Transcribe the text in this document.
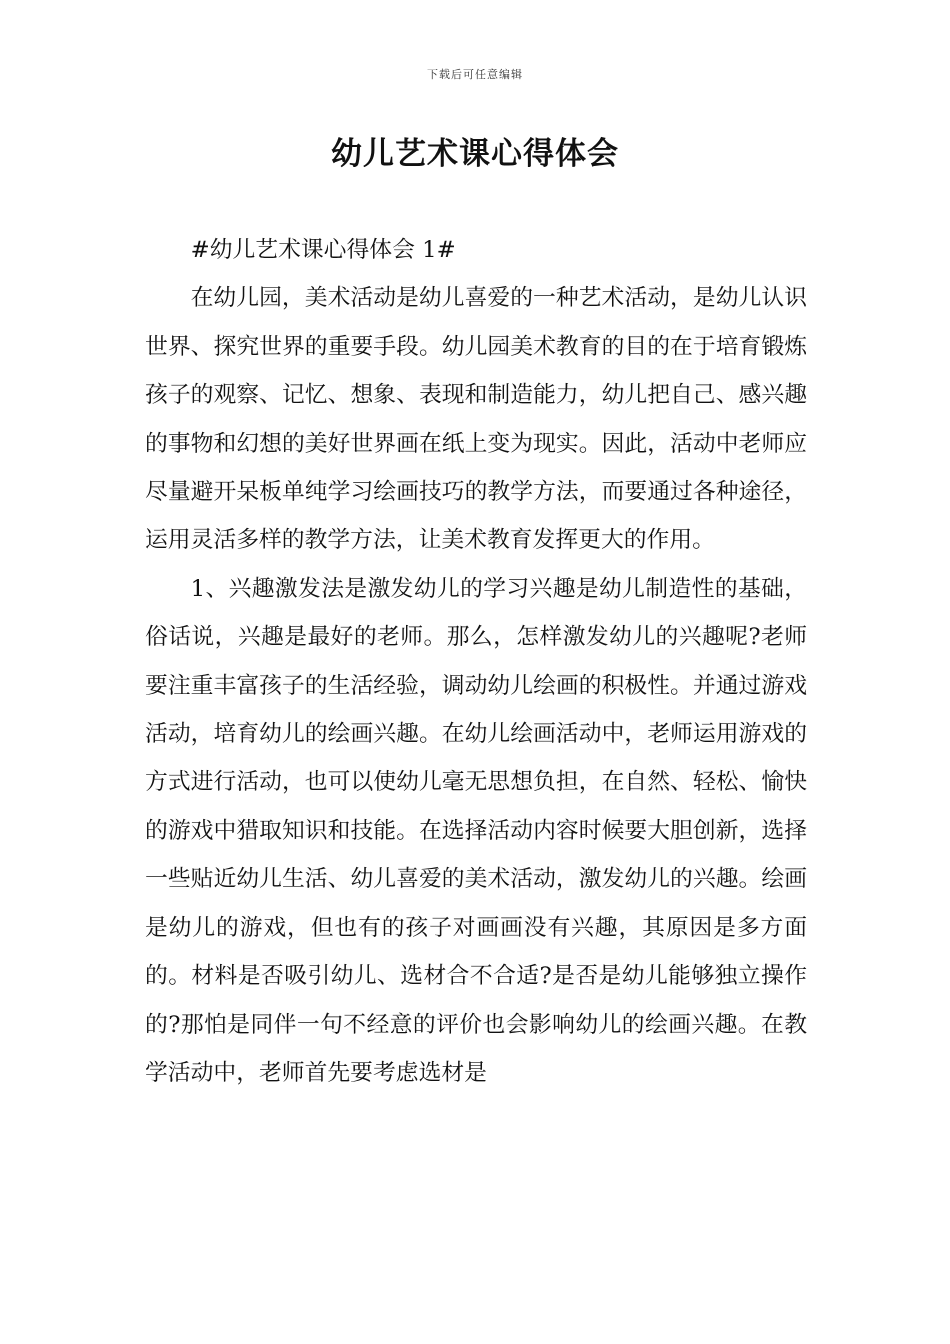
下载后可任意编辑
幼儿艺术课心得体会

#幼儿艺术课心得体会 1#

在幼儿园，美术活动是幼儿喜爱的一种艺术活动，是幼儿认识世界、探究世界的重要手段。幼儿园美术教育的目的在于培育锻炼孩子的观察、记忆、想象、表现和制造能力，幼儿把自己、感兴趣的事物和幻想的美好世界画在纸上变为现实。因此，活动中老师应尽量避开呆板单纯学习绘画技巧的教学方法，而要通过各种途径，运用灵活多样的教学方法，让美术教育发挥更大的作用。

1、兴趣激发法是激发幼儿的学习兴趣是幼儿制造性的基础，俗话说，兴趣是最好的老师。那么，怎样激发幼儿的兴趣呢?老师要注重丰富孩子的生活经验，调动幼儿绘画的积极性。并通过游戏活动，培育幼儿的绘画兴趣。在幼儿绘画活动中，老师运用游戏的方式进行活动，也可以使幼儿毫无思想负担，在自然、轻松、愉快的游戏中猎取知识和技能。在选择活动内容时候要大胆创新，选择一些贴近幼儿生活、幼儿喜爱的美术活动，激发幼儿的兴趣。绘画是幼儿的游戏，但也有的孩子对画画没有兴趣，其原因是多方面的。材料是否吸引幼儿、选材合不合适?是否是幼儿能够独立操作的?那怕是同伴一句不经意的评价也会影响幼儿的绘画兴趣。在教学活动中，老师首先要考虑选材是
